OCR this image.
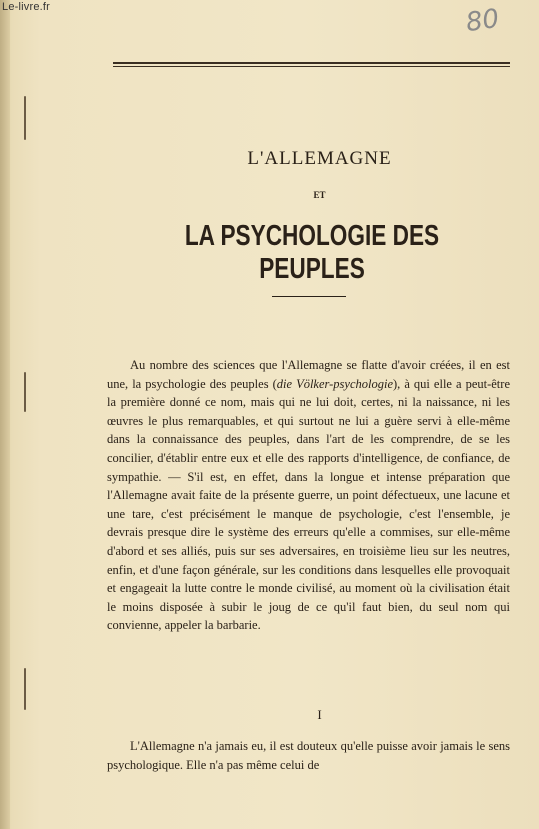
Le-livre.fr	80
L'ALLEMAGNE
ET
LA PSYCHOLOGIE DES PEUPLES

Au nombre des sciences que l'Allemagne se flatte d'avoir créées, il en est une, la psychologie des peuples (die Völker-psychologie), à qui elle a peut-être la première donné ce nom, mais qui ne lui doit, certes, ni la naissance, ni les œuvres le plus remarquables, et qui surtout ne lui a guère servi à elle-même dans la connaissance des peuples, dans l'art de les comprendre, de se les concilier, d'établir entre eux et elle des rapports d'intelligence, de confiance, de sympathie. — S'il est, en effet, dans la longue et intense préparation que l'Allemagne avait faite de la présente guerre, un point défectueux, une lacune et une tare, c'est précisément le manque de psychologie, c'est l'ensemble, je devrais presque dire le système des erreurs qu'elle a commises, sur elle-même d'abord et ses alliés, puis sur ses adversaires, en troisième lieu sur les neutres, enfin, et d'une façon générale, sur les conditions dans lesquelles elle provoquait et engageait la lutte contre le monde civilisé, au moment où la civilisation était le moins disposée à subir le joug de ce qu'il faut bien, du seul nom qui convienne, appeler la barbarie.

I

L'Allemagne n'a jamais eu, il est douteux qu'elle puisse avoir jamais le sens psychologique. Elle n'a pas même celui de
